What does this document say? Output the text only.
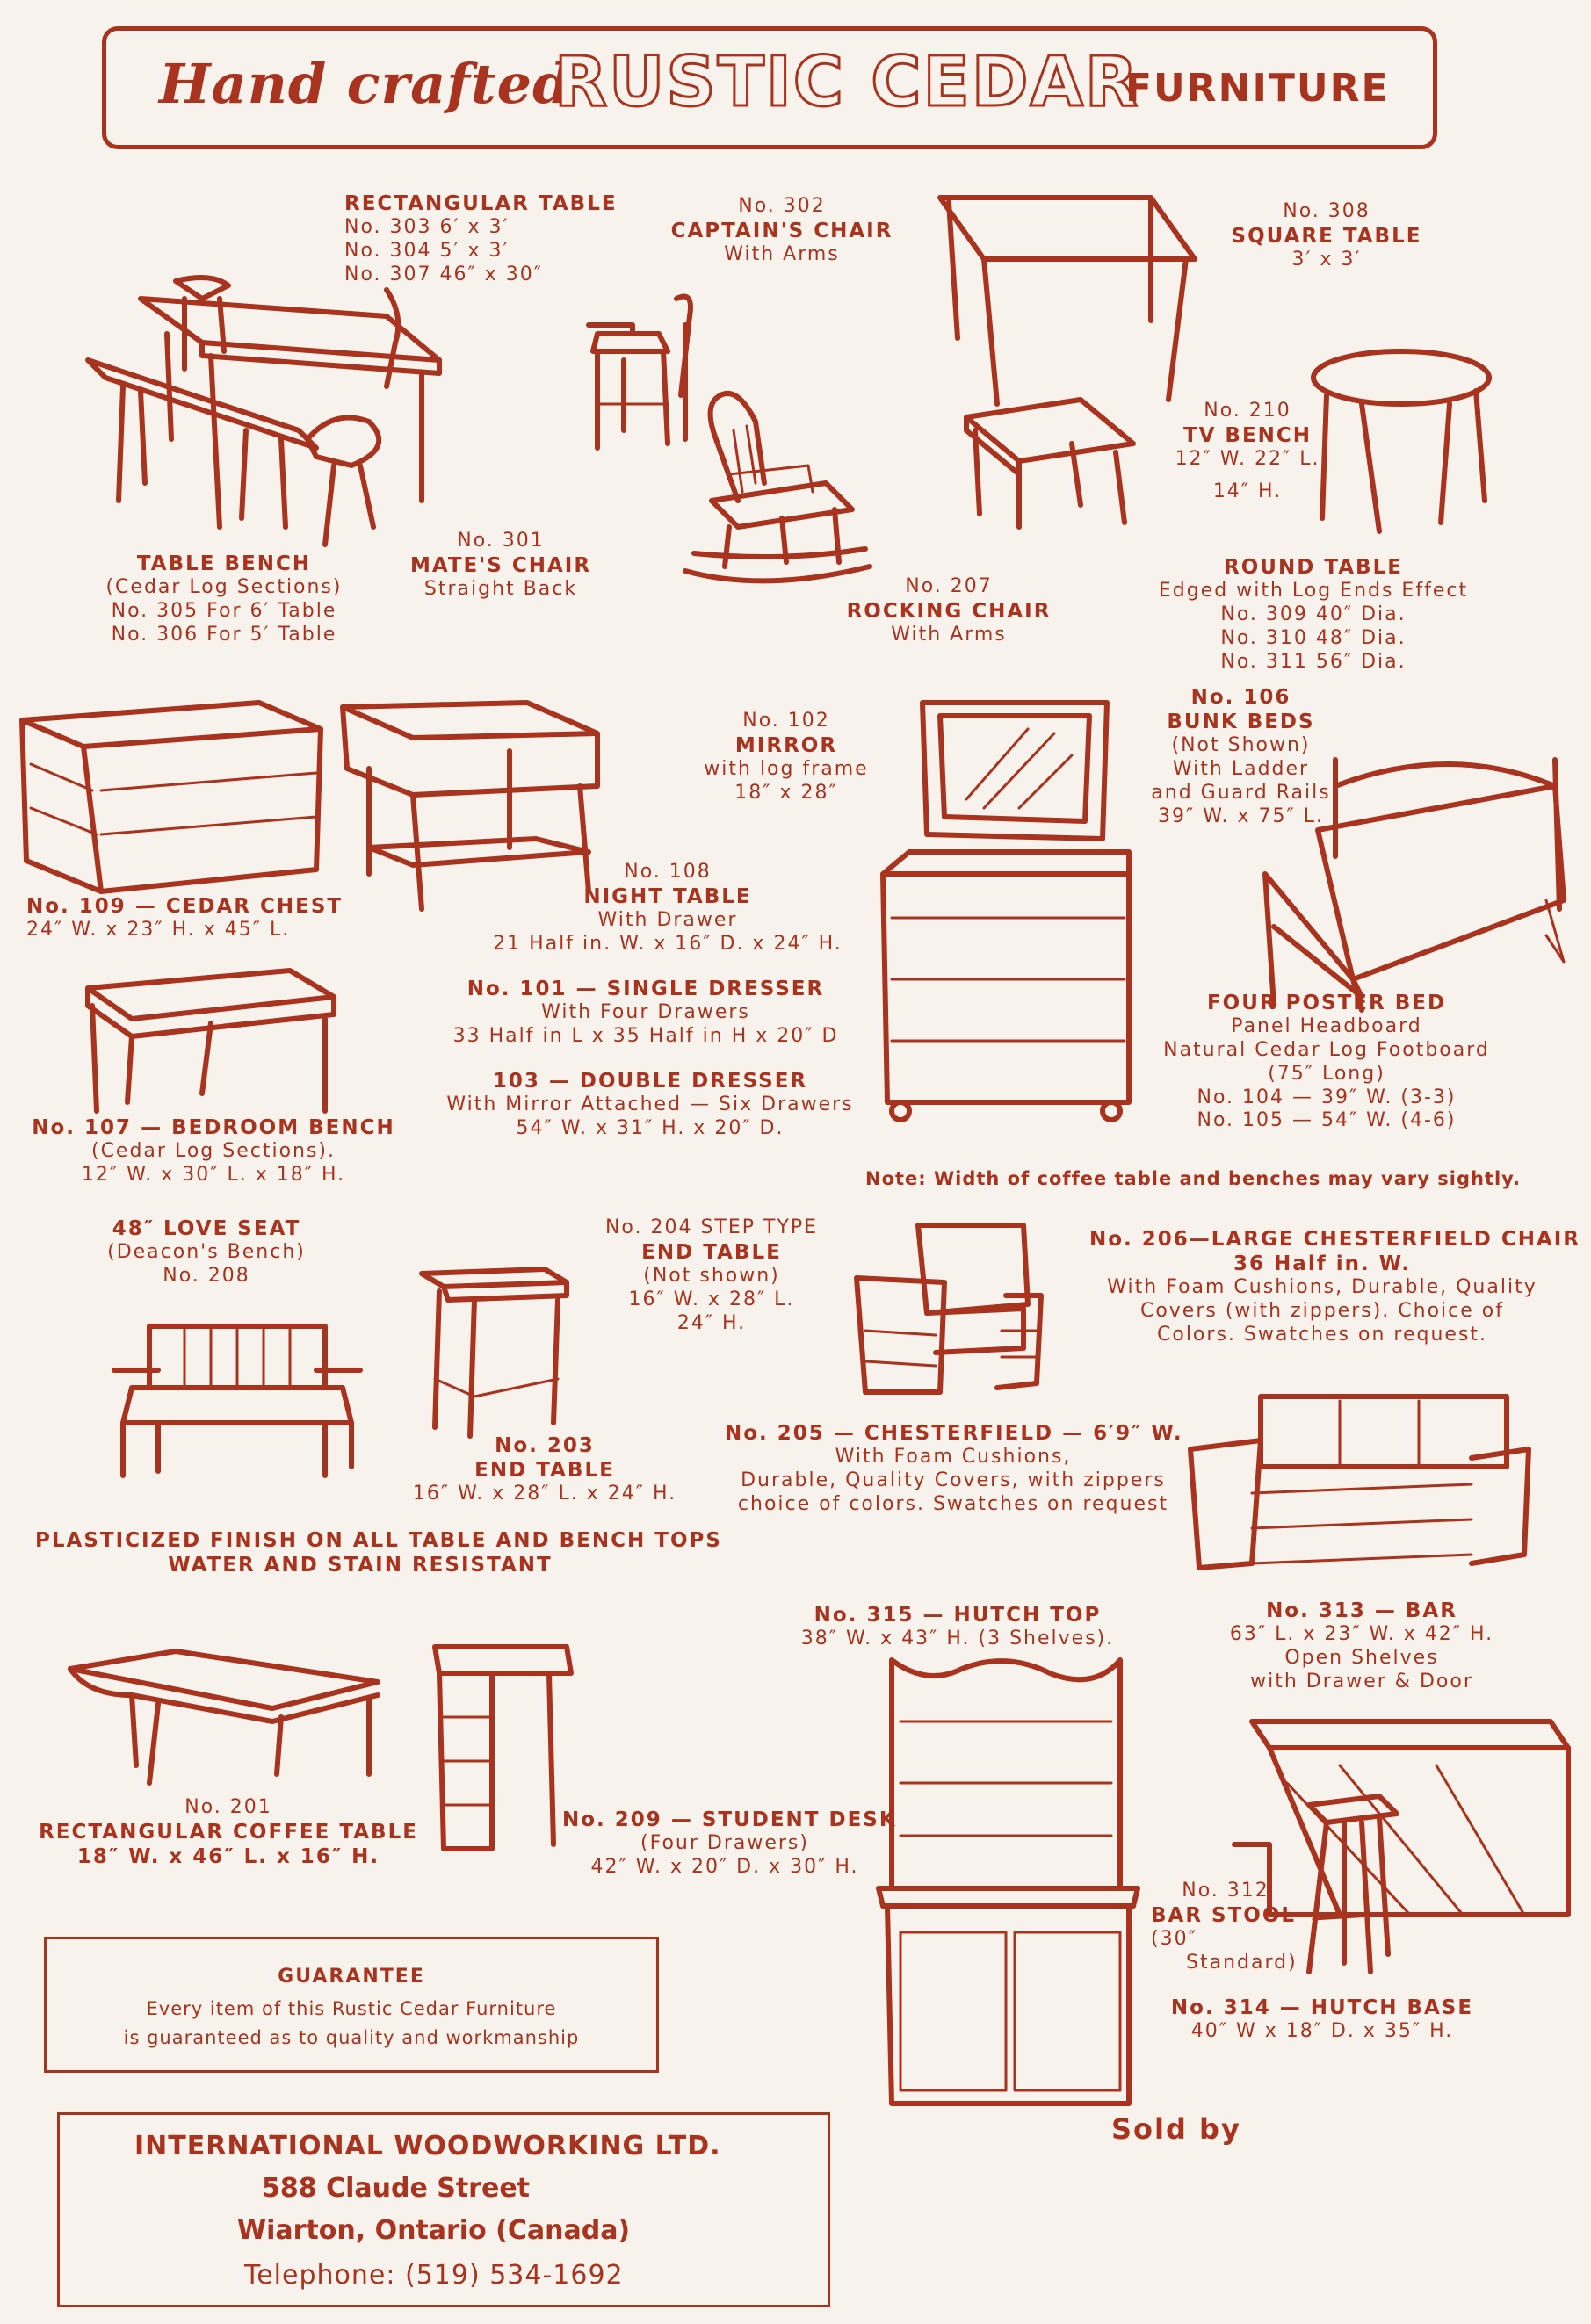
Hand crafted
RUSTIC CEDAR
FURNITURE
RECTANGULAR TABLE
No. 303 6′ x 3′
No. 304 5′ x 3′
No. 307 46″ x 30″
No. 302
CAPTAIN'S CHAIR
With Arms
No. 308
SQUARE TABLE
3′ x 3′
No. 210
TV BENCH
12″ W. 22″ L.
14″ H.
TABLE BENCH
(Cedar Log Sections)
No. 305 For 6′ Table
No. 306 For 5′ Table
No. 301
MATE'S CHAIR
Straight Back	No. 207
ROCKING CHAIR
With Arms
ROUND TABLE
Edged with Log Ends Effect
No. 309 40″ Dia.
No. 310 48″ Dia.
No. 311 56″ Dia.
No. 102
MIRROR
with log frame
18″ x 28″
No. 106
BUNK BEDS
(Not Shown)
With Ladder
and Guard Rails
39″ W. x 75″ L.
No. 108
NIGHT TABLE
With Drawer
21 Half in. W. x 16″ D. x 24″ H.
No. 109 — CEDAR CHEST
24″ W. x 23″ H. x 45″ L.
No. 101 — SINGLE DRESSER
With Four Drawers
33 Half in L x 35 Half in H x 20″ D
103 — DOUBLE DRESSER
With Mirror Attached — Six Drawers
54″ W. x 31″ H. x 20″ D.
FOUR POSTER BED
Panel Headboard
Natural Cedar Log Footboard
(75″ Long)
No. 104 — 39″ W. (3-3)
No. 105 — 54″ W. (4-6)
No. 107 — BEDROOM BENCH
(Cedar Log Sections).
12″ W. x 30″ L. x 18″ H.	Note: Width of coffee table and benches may vary sightly.
48″ LOVE SEAT
(Deacon's Bench)
No. 208
No. 204 STEP TYPE
END TABLE
(Not shown)
16″ W. x 28″ L.
24″ H.
No. 206—LARGE CHESTERFIELD CHAIR
36 Half in. W.
With Foam Cushions, Durable, Quality
Covers (with zippers). Choice of
Colors. Swatches on request.
No. 203
END TABLE
16″ W. x 28″ L. x 24″ H.
No. 205 — CHESTERFIELD — 6′9″ W.
With Foam Cushions,
Durable, Quality Covers, with zippers
choice of colors. Swatches on request
PLASTICIZED FINISH ON ALL TABLE AND BENCH TOPS
WATER AND STAIN RESISTANT
No. 315 — HUTCH TOP
38″ W. x 43″ H. (3 Shelves).
No. 313 — BAR
63″ L. x 23″ W. x 42″ H.
Open Shelves
with Drawer & Door
No. 201
RECTANGULAR COFFEE TABLE
18″ W. x 46″ L. x 16″ H.
No. 209 — STUDENT DESK
(Four Drawers)
42″ W. x 20″ D. x 30″ H.
No. 312
BAR STOOL
(30″
Standard)
No. 314 — HUTCH BASE
40″ W x 18″ D. x 35″ H.
GUARANTEE
Every item of this Rustic Cedar Furniture
is guaranteed as to quality and workmanship
INTERNATIONAL WOODWORKING LTD.
588 Claude Street
Wiarton, Ontario (Canada)
Telephone: (519) 534-1692
Sold by
